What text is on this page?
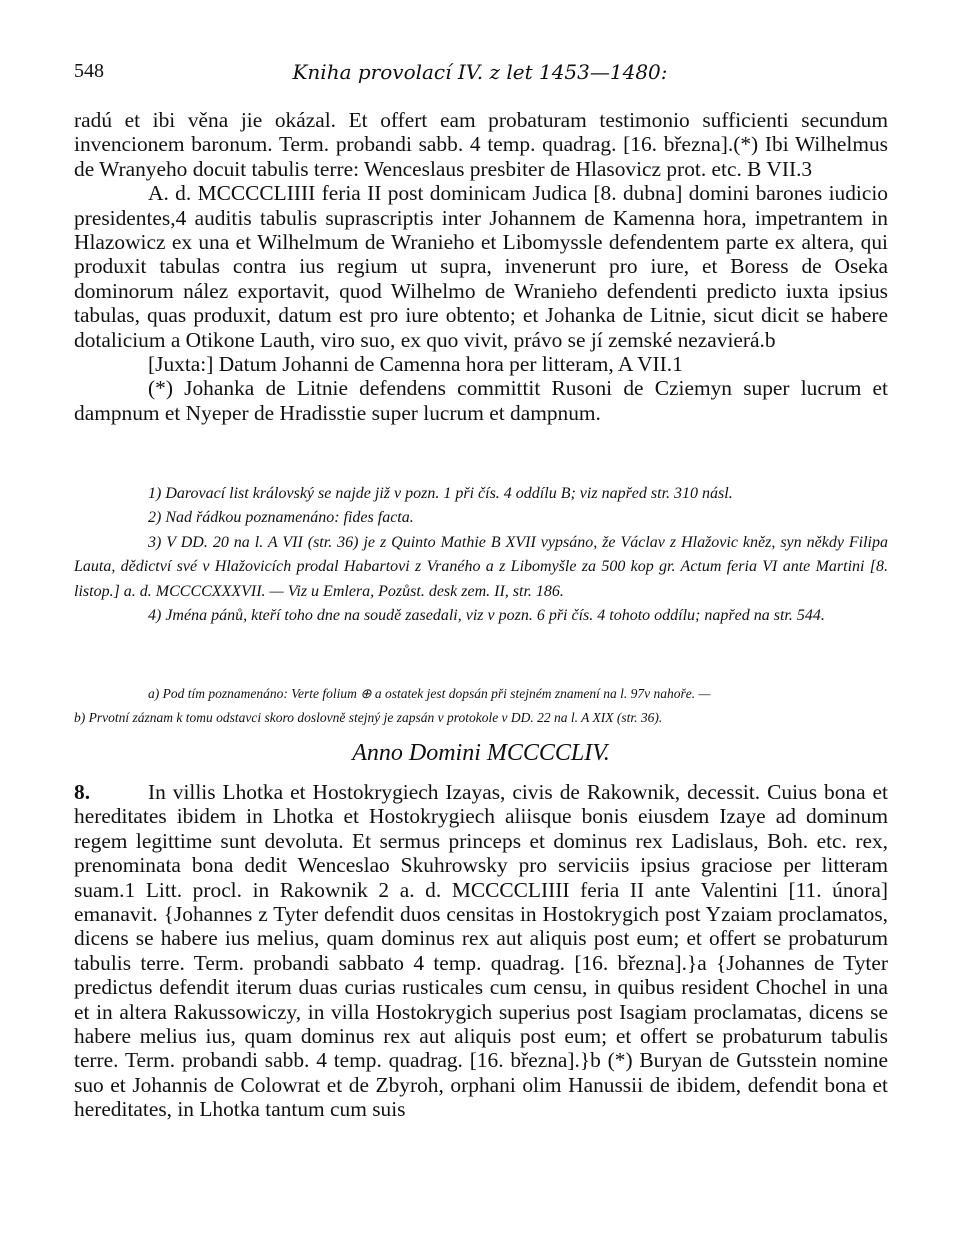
548	Kniha provolací IV. z let 1453—1480:

radú et ibi věna jie okázal. Et offert eam probaturam testimonio sufficienti secundum invencionem baronum. Term. probandi sabb. 4 temp. quadrag. [16. března].(*) Ibi Wilhelmus de Wranyeho docuit tabulis terre: Wenceslaus presbiter de Hlasovicz prot. etc. B VII.3

A. d. MCCCCLIIII feria II post dominicam Judica [8. dubna] domini barones iudicio presidentes,4 auditis tabulis suprascriptis inter Johannem de Kamenna hora, impetrantem in Hlazowicz ex una et Wilhelmum de Wranieho et Libomyssle defendentem parte ex altera, qui produxit tabulas contra ius regium ut supra, invenerunt pro iure, et Boress de Oseka dominorum nález exportavit, quod Wilhelmo de Wranieho defendenti predicto iuxta ipsius tabulas, quas produxit, datum est pro iure obtento; et Johanka de Litnie, sicut dicit se habere dotalicium a Otikone Lauth, viro suo, ex quo vivit, právo se jí zemské nezavierá.b

[Juxta:] Datum Johanni de Camenna hora per litteram, A VII.1

(*) Johanka de Litnie defendens committit Rusoni de Cziemyn super lucrum et dampnum et Nyeper de Hradisstie super lucrum et dampnum.

1) Darovací list královský se najde již v pozn. 1 při čís. 4 oddílu B; viz napřed str. 310 násl.

2) Nad řádkou poznamenáno: fides facta.

3) V DD. 20 na l. A VII (str. 36) je z Quinto Mathie B XVII vypsáno, že Václav z Hlažovic kněz, syn někdy Filipa Lauta, dědictví své v Hlažovicích prodal Habartovi z Vraného a z Libomyšle za 500 kop gr. Actum feria VI ante Martini [8. listop.] a. d. MCCCCXXXVII. — Viz u Emlera, Pozůst. desk zem. II, str. 186.

4) Jména pánů, kteří toho dne na soudě zasedali, viz v pozn. 6 při čís. 4 tohoto oddílu; napřed na str. 544.

a) Pod tím poznamenáno: Verte folium ⊕ a ostatek jest dopsán při stejném znamení na l. 97v nahoře. —

b) Prvotní záznam k tomu odstavci skoro doslovně stejný je zapsán v protokole v DD. 22 na l. A XIX (str. 36).

Anno Domini MCCCCLIV.

8.	In villis Lhotka et Hostokrygiech Izayas, civis de Rakownik, decessit. Cuius bona et hereditates ibidem in Lhotka et Hostokrygiech aliisque bonis eiusdem Izaye ad dominum regem legittime sunt devoluta. Et sermus princeps et dominus rex Ladislaus, Boh. etc. rex, prenominata bona dedit Wenceslao Skuhrowsky pro serviciis ipsius graciose per litteram suam.1 Litt. procl. in Rakownik 2 a. d. MCCCCLIIII feria II ante Valentini [11. února] emanavit. {Johannes z Tyter defendit duos censitas in Hostokrygich post Yzaiam proclamatos, dicens se habere ius melius, quam dominus rex aut aliquis post eum; et offert se probaturum tabulis terre. Term. probandi sabbato 4 temp. quadrag. [16. března].}a {Johannes de Tyter predictus defendit iterum duas curias rusticales cum censu, in quibus resident Chochel in una et in altera Rakussowiczy, in villa Hostokrygich superius post Isagiam proclamatas, dicens se habere melius ius, quam dominus rex aut aliquis post eum; et offert se probaturum tabulis terre. Term. probandi sabb. 4 temp. quadrag. [16. března].}b (*) Buryan de Gutsstein nomine suo et Johannis de Colowrat et de Zbyroh, orphani olim Hanussii de ibidem, defendit bona et hereditates, in Lhotka tantum cum suis
